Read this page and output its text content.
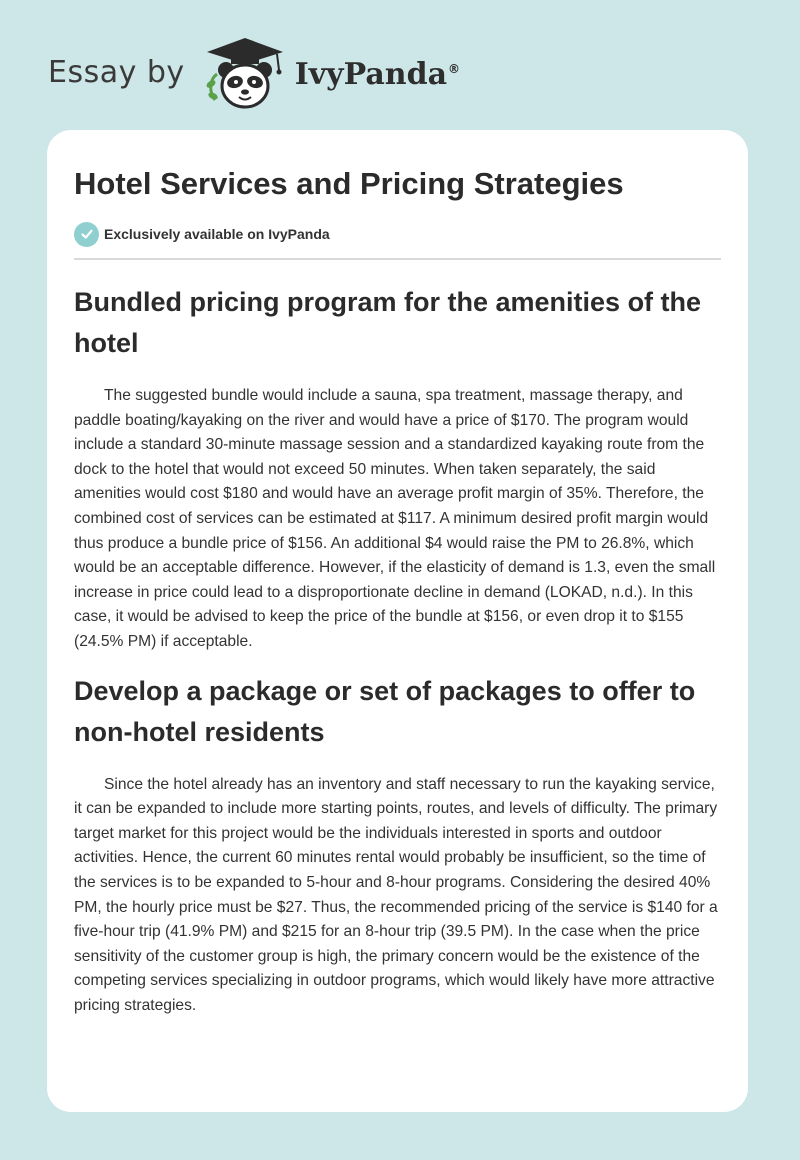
Essay by	IvyPanda®
Hotel Services and Pricing Strategies
Exclusively available on IvyPanda
Bundled pricing program for the amenities of the hotel

The suggested bundle would include a sauna, spa treatment, massage therapy, and paddle boating/kayaking on the river and would have a price of $170. The program would include a standard 30-minute massage session and a standardized kayaking route from the dock to the hotel that would not exceed 50 minutes. When taken separately, the said amenities would cost $180 and would have an average profit margin of 35%. Therefore, the combined cost of services can be estimated at $117. A minimum desired profit margin would thus produce a bundle price of $156. An additional $4 would raise the PM to 26.8%, which would be an acceptable difference. However, if the elasticity of demand is 1.3, even the small increase in price could lead to a disproportionate decline in demand (LOKAD, n.d.). In this case, it would be advised to keep the price of the bundle at $156, or even drop it to $155 (24.5% PM) if acceptable.

Develop a package or set of packages to offer to non-hotel residents

Since the hotel already has an inventory and staff necessary to run the kayaking service, it can be expanded to include more starting points, routes, and levels of difficulty. The primary target market for this project would be the individuals interested in sports and outdoor activities. Hence, the current 60 minutes rental would probably be insufficient, so the time of the services is to be expanded to 5-hour and 8-hour programs. Considering the desired 40% PM, the hourly price must be $27. Thus, the recommended pricing of the service is $140 for a five-hour trip (41.9% PM) and $215 for an 8-hour trip (39.5 PM). In the case when the price sensitivity of the customer group is high, the primary concern would be the existence of the competing services specializing in outdoor programs, which would likely have more attractive pricing strategies.
